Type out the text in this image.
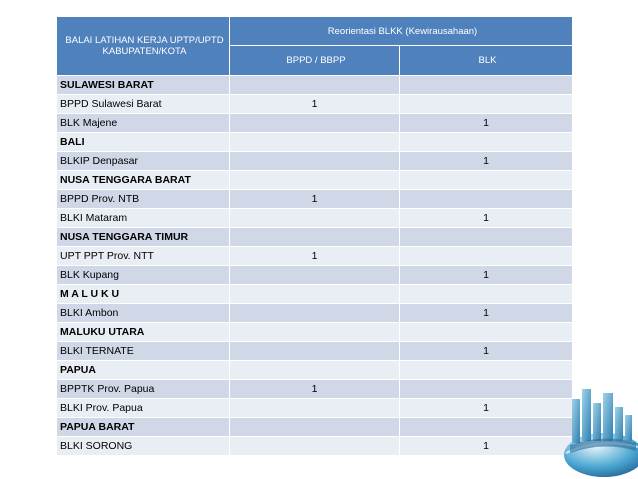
BALAI LATIHAN KERJA UPTP/UPTD KABUPATEN/KOTA	Reorientasi BLKK (Kewirausahaan)	
	BPPD / BBPP	BLK
SULAWESI BARAT		
BPPD Sulawesi Barat	1	
BLK Majene		1
BALI		
BLKIP Denpasar		1
NUSA TENGGARA BARAT		
BPPD Prov. NTB	1	
BLKI Mataram		1
NUSA TENGGARA TIMUR		
UPT PPT Prov. NTT	1	
BLK Kupang		1
M A L U K U		
BLKI Ambon		1
MALUKU UTARA		
BLKI TERNATE		1
PAPUA		
BPPTK Prov. Papua	1	
BLKI Prov. Papua		1
PAPUA BARAT		
BLKI SORONG		1
